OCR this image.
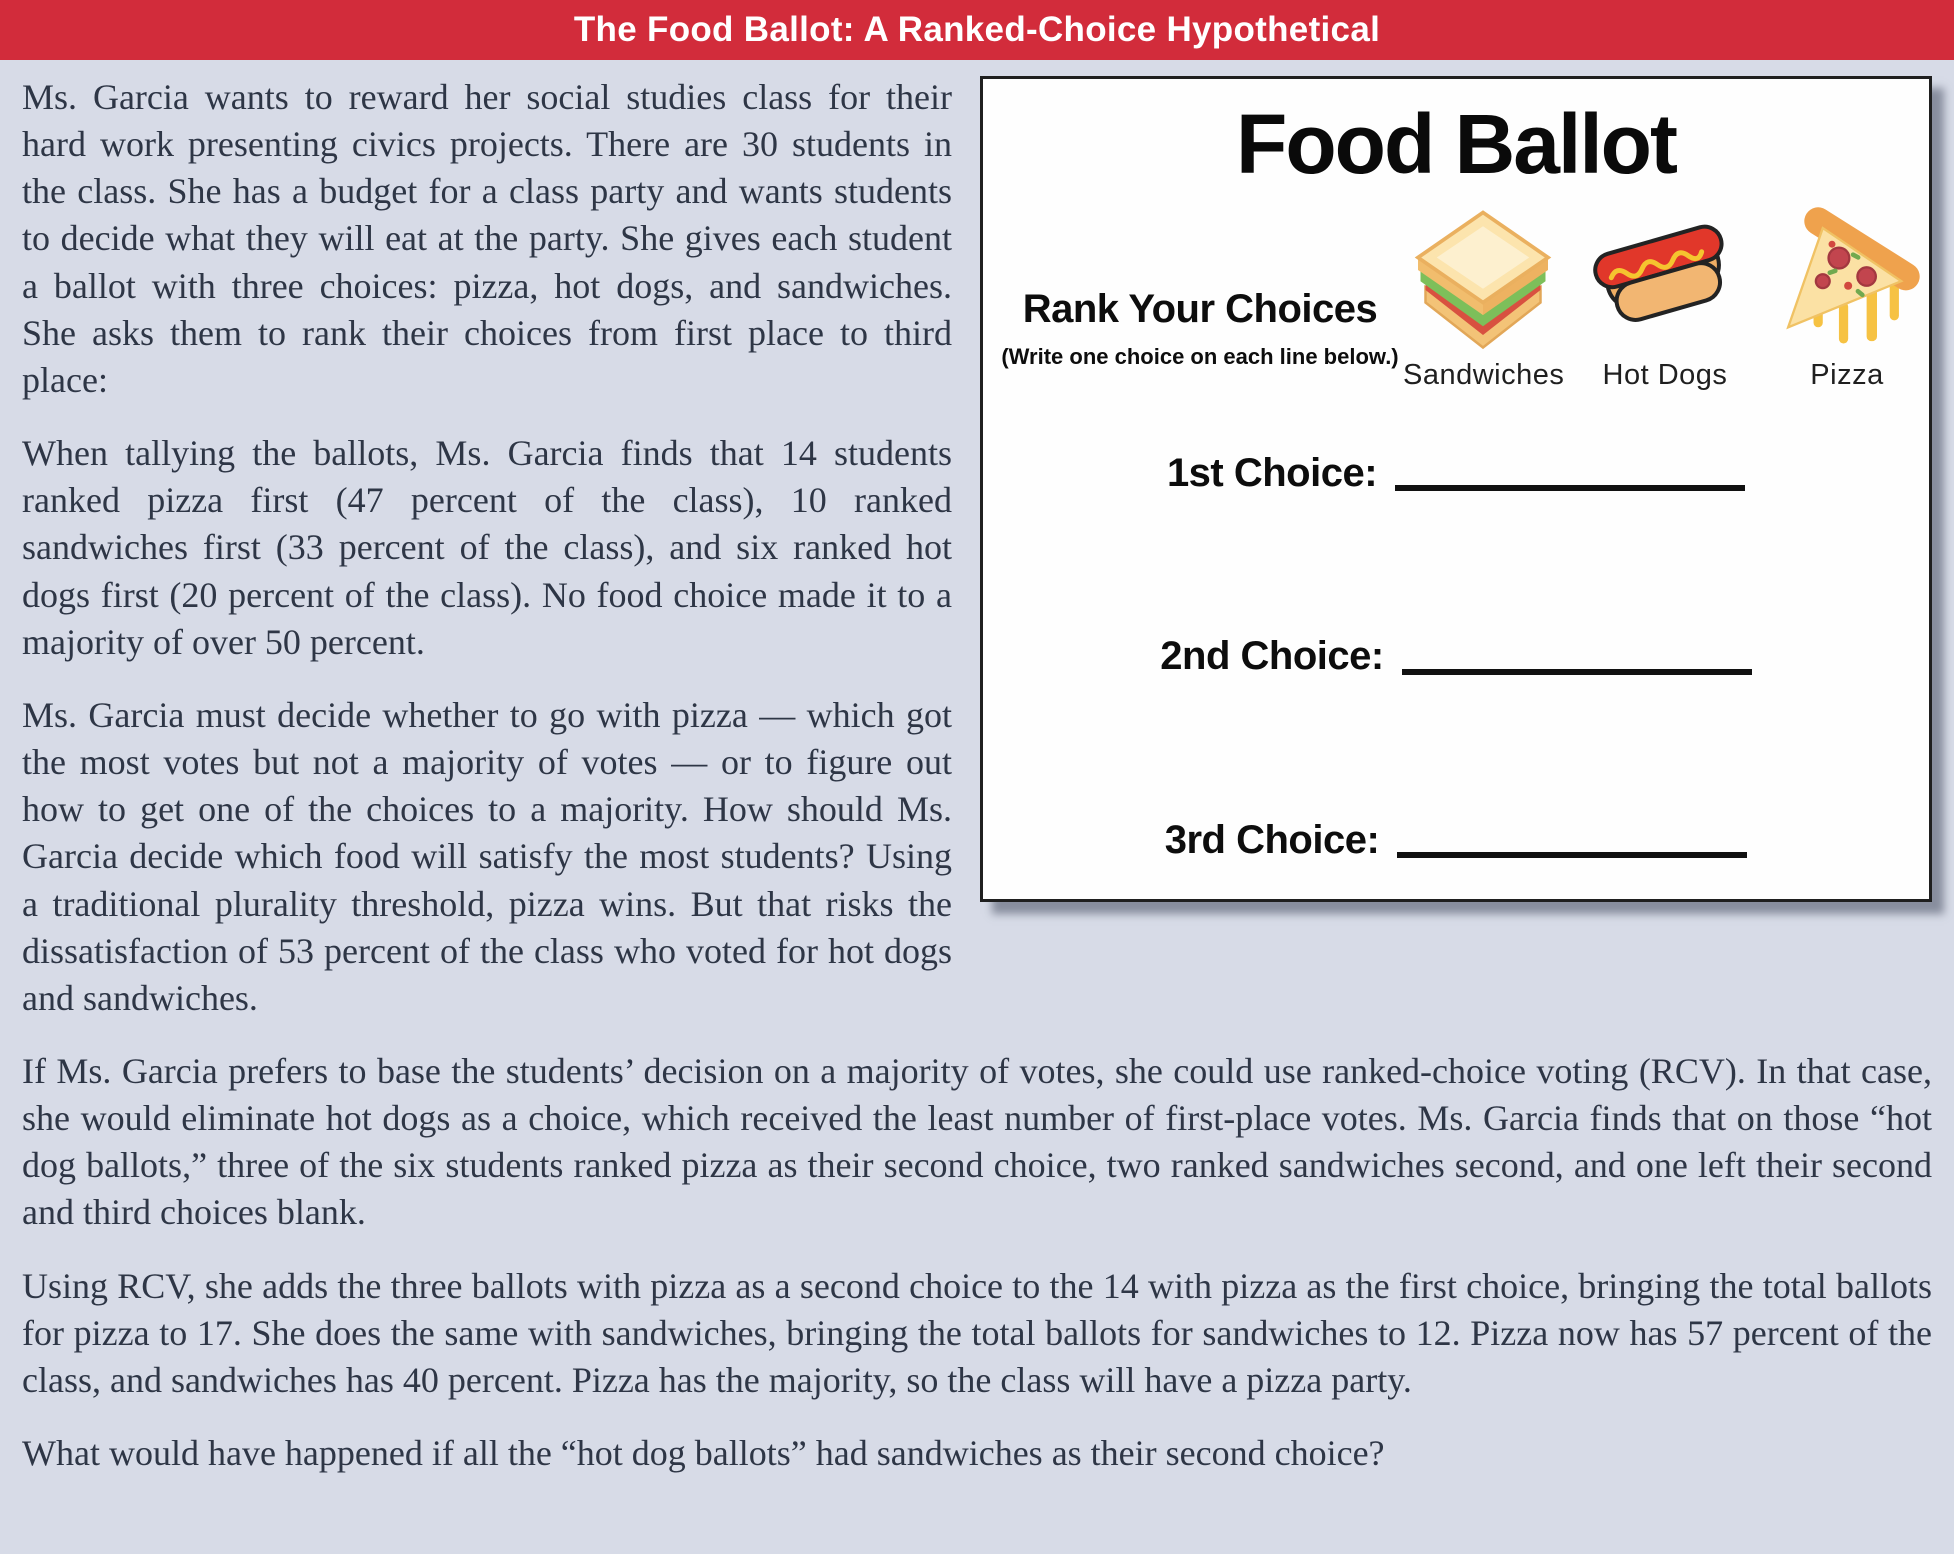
The Food Ballot: A Ranked-Choice Hypothetical
Food Ballot
Rank Your Choices
(Write one choice on each line below.)
Sandwiches	Hot Dogs	Pizza
1st Choice:
2nd Choice:
3rd Choice:

Ms. Garcia wants to reward her social studies class for their hard work presenting civics projects. There are 30 students in the class. She has a budget for a class party and wants students to decide what they will eat at the party. She gives each student a ballot with three choices: pizza, hot dogs, and sandwiches. She asks them to rank their choices from first place to third place:

When tallying the ballots, Ms. Garcia finds that 14 students ranked pizza first (47 percent of the class), 10 ranked sandwiches first (33 percent of the class), and six ranked hot dogs first (20 percent of the class). No food choice made it to a majority of over 50 percent.

Ms. Garcia must decide whether to go with pizza — which got the most votes but not a majority of votes — or to figure out how to get one of the choices to a majority. How should Ms. Garcia decide which food will satisfy the most students? Using a traditional plurality threshold, pizza wins. But that risks the dissatisfaction of 53 percent of the class who voted for hot dogs and sandwiches.

If Ms. Garcia prefers to base the students’ decision on a majority of votes, she could use ranked-choice voting (RCV). In that case, she would eliminate hot dogs as a choice, which received the least number of first-place votes. Ms. Garcia finds that on those “hot dog ballots,” three of the six students ranked pizza as their second choice, two ranked sandwiches second, and one left their second and third choices blank.

Using RCV, she adds the three ballots with pizza as a second choice to the 14 with pizza as the first choice, bringing the total ballots for pizza to 17. She does the same with sandwiches, bringing the total ballots for sandwiches to 12. Pizza now has 57 percent of the class, and sandwiches has 40 percent. Pizza has the majority, so the class will have a pizza party.

What would have happened if all the “hot dog ballots” had sandwiches as their second choice?
